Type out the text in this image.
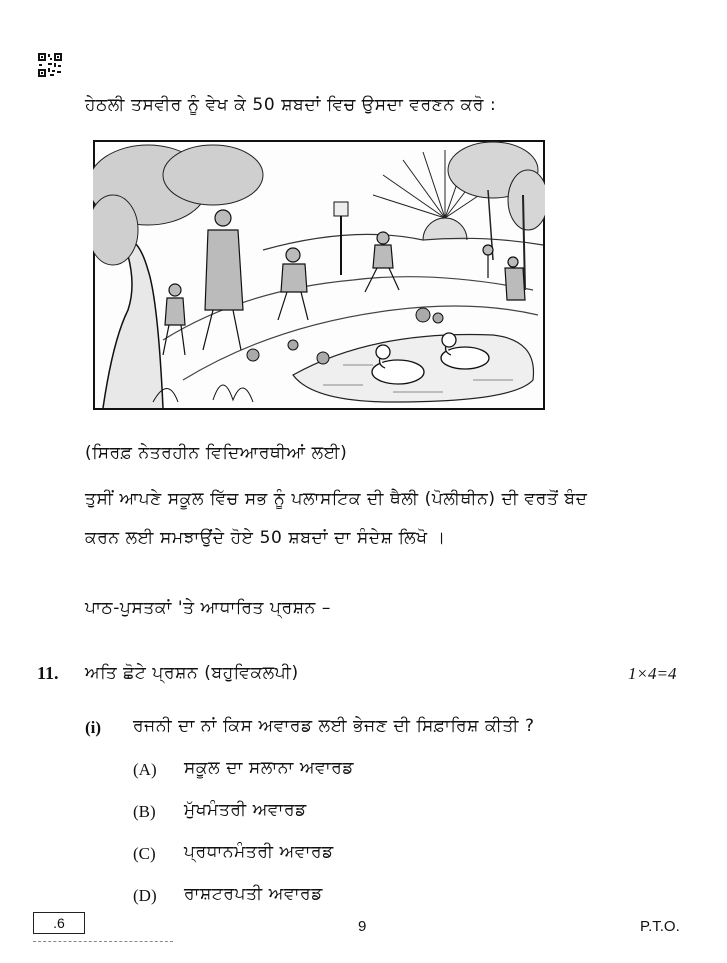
ਹੇਠਲੀ ਤਸਵੀਰ ਨੂੰ ਵੇਖ ਕੇ 50 ਸ਼ਬਦਾਂ ਵਿਚ ਉਸਦਾ ਵਰਣਨ ਕਰੋ :
(ਸਿਰਫ਼ ਨੇਤਰਹੀਨ ਵਿਦਿਆਰਥੀਆਂ ਲਈ)
ਤੁਸੀਂ ਆਪਣੇ ਸਕੂਲ ਵਿੱਚ ਸਭ ਨੂੰ ਪਲਾਸਟਿਕ ਦੀ ਥੈਲੀ (ਪੋਲੀਥੀਨ) ਦੀ ਵਰਤੋਂ ਬੰਦ
ਕਰਨ ਲਈ ਸਮਝਾਉਂਦੇ ਹੋਏ 50 ਸ਼ਬਦਾਂ ਦਾ ਸੰਦੇਸ਼ ਲਿਖੋ ।
ਪਾਠ-ਪੁਸਤਕਾਂ 'ਤੇ ਆਧਾਰਿਤ ਪ੍ਰਸ਼ਨ –
11. ਅਤਿ ਛੋਟੇ ਪ੍ਰਸ਼ਨ (ਬਹੁਵਿਕਲਪੀ)	1×4=4
(i) ਰਜਨੀ ਦਾ ਨਾਂ ਕਿਸ ਅਵਾਰਡ ਲਈ ਭੇਜਣ ਦੀ ਸਿਫ਼ਾਰਿਸ਼ ਕੀਤੀ ?
(A) ਸਕੂਲ ਦਾ ਸਲਾਨਾ ਅਵਾਰਡ
(B) ਮੁੱਖਮੰਤਰੀ ਅਵਾਰਡ
(C) ਪ੍ਰਧਾਨਮੰਤਰੀ ਅਵਾਰਡ
(D) ਰਾਸ਼ਟਰਪਤੀ ਅਵਾਰਡ
.6	9	P.T.O.
